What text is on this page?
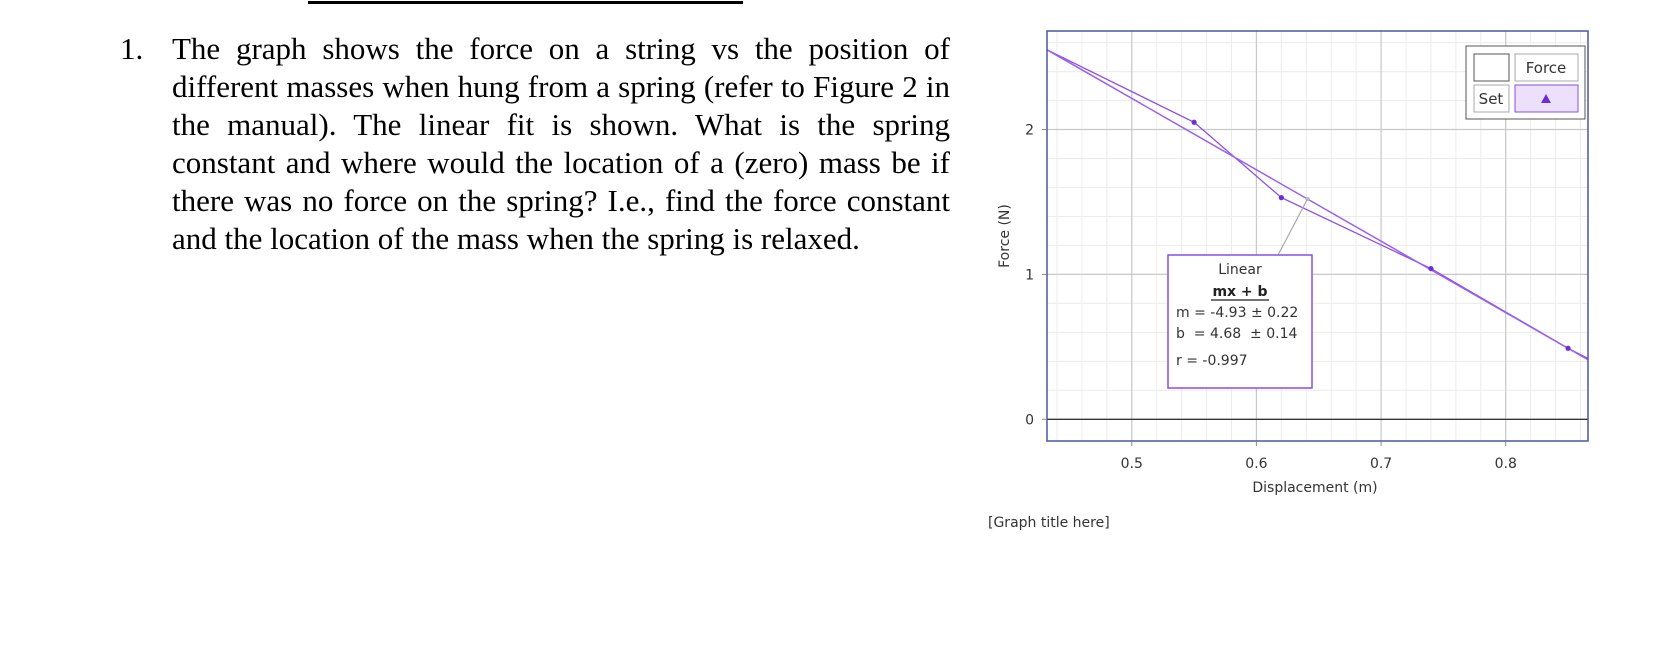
1. The graph shows the force on a string vs the position of different masses when hung from a spring (refer to Figure 2 in the manual). The linear fit is shown. What is the spring constant and where would the location of a (zero) mass be if there was no force on the spring? I.e., find the force constant and the location of the mass when the spring is relaxed.
0.5	0.6	0.7	0.8
0
1
2
Displacement (m)
Force (N)
Force
Set
Linear
mx + b
m = -4.93 ± 0.22
b  = 4.68  ± 0.14
r = -0.997
[Graph title here]
